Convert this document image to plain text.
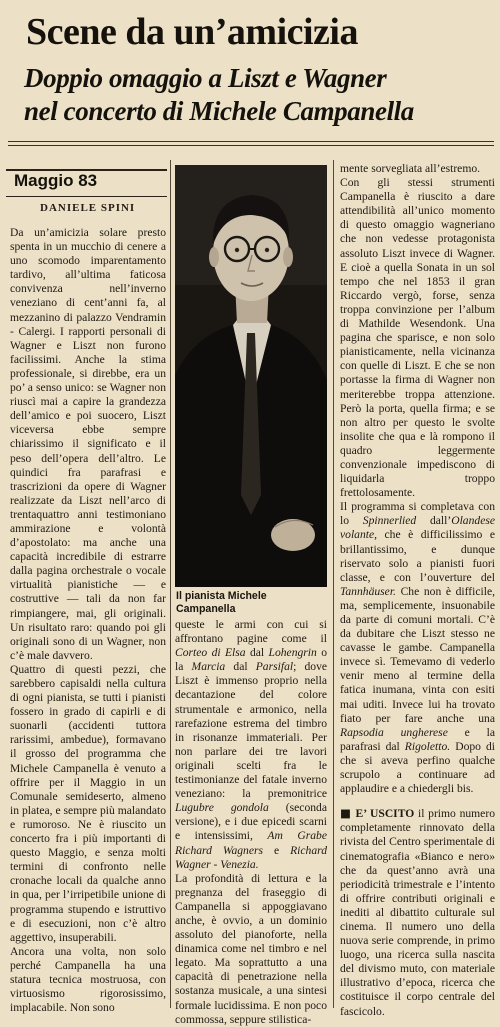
Scene da un’amicizia
Doppio omaggio a Liszt e Wagner
nel concerto di Michele Campanella
Maggio 83
DANIELE SPINI

Da un’amicizia solare presto spenta in un mucchio di cenere a uno scomodo imparentamento tardivo, all’ultima faticosa convivenza nell’inverno veneziano di cent’anni fa, al mezzanino di palazzo Vendramin - Calergi. I rapporti personali di Wagner e Liszt non furono facilissimi. Anche la stima professionale, si direbbe, era un po’ a senso unico: se Wagner non riuscì mai a capire la grandezza dell’amico e poi suocero, Liszt viceversa ebbe sempre chiarissimo il significato e il peso dell’opera dell’altro. Le quindici fra parafrasi e trascrizioni da opere di Wagner realizzate da Liszt nell’arco di trentaquattro anni testimoniano ammirazione e volontà d’apostolato: ma anche una capacità incredibile di estrarre dalla pagina orchestrale o vocale virtualità pianistiche — e costruttive — tali da non far rimpiangere, mai, gli originali. Un risultato raro: quando poi gli originali sono di un Wagner, non c’è male davvero.

Quattro di questi pezzi, che sarebbero capisaldi nella cultura di ogni pianista, se tutti i pianisti fossero in grado di capirli e di suonarli (accidenti tuttora rarissimi, ambedue), formavano il grosso del programma che Michele Campanella è venuto a offrire per il Maggio in un Comunale semideserto, almeno in platea, e sempre più malandato e rumoroso. Ne è riuscito un concerto fra i più importanti di questo Maggio, e senza molti termini di confronto nelle cronache locali da qualche anno in qua, per l’irripetibile unione di programma stupendo e istruttivo e di esecuzioni, non c’è altro aggettivo, insuperabili.

Ancora una volta, non solo perché Campanella ha una statura tecnica mostruosa, con virtuosismo rigorosissimo, implacabile. Non sono

Il pianista Michele Campanella

queste le armi con cui si affrontano pagine come il Corteo di Elsa dal Lohengrin o la Marcia dal Parsifal; dove Liszt è immenso proprio nella decantazione del colore strumentale e armonico, nella rarefazione estrema del timbro in risonanze immateriali. Per non parlare dei tre lavori originali scelti fra le testimonianze del fatale inverno veneziano: la premonitrice Lugubre gondola (seconda versione), e i due epicedi scarni e intensissimi, Am Grabe Richard Wagners e Richard Wagner - Venezia.

La profondità di lettura e la pregnanza del fraseggio di Campanella si appoggiavano anche, è ovvio, a un dominio assoluto del pianoforte, nella dinamica come nel timbro e nel legato. Ma soprattutto a una capacità di penetrazione nella sostanza musicale, a una sintesi formale lucidissima. E non poco commossa, seppure stilistica-

mente sorvegliata all’estremo.

Con gli stessi strumenti Campanella è riuscito a dare attendibilità all’unico momento di questo omaggio wagneriano che non vedesse protagonista assoluto Liszt invece di Wagner. E cioè a quella Sonata in un sol tempo che nel 1853 il gran Riccardo vergò, forse, senza troppa convinzione per l’album di Mathilde Wesendonk. Una pagina che sparisce, e non solo pianisticamente, nella vicinanza con quelle di Liszt. E che se non portasse la firma di Wagner non meriterebbe troppa attenzione. Però la porta, quella firma; e se non altro per questo le svolte insolite che qua e là rompono il quadro leggermente convenzionale impediscono di liquidarla troppo frettolosamente.

Il programma si completava con lo Spinnerlied dall’Olandese volante, che è difficilissimo e brillantissimo, e dunque riservato solo a pianisti fuori classe, e con l’ouverture del Tannhäuser. Che non è difficile, ma, semplicemente, insuonabile da parte di comuni mortali. C’è da dubitare che Liszt stesso ne cavasse le gambe. Campanella invece sì. Temevamo di vederlo venir meno al termine della fatica inumana, vinta con esiti mai uditi. Invece lui ha trovato fiato per fare anche una Rapsodia ungherese e la parafrasi dal Rigoletto. Dopo di che si aveva perfino qualche scrupolo a continuare ad applaudire e a chiedergli bis.

■ E’ USCITO il primo numero completamente rinnovato della rivista del Centro sperimentale di cinematografia «Bianco e nero» che da quest’anno avrà una periodicità trimestrale e l’intento di offrire contributi originali e inediti al dibattito culturale sul cinema. Il numero uno della nuova serie comprende, in primo luogo, una ricerca sulla nascita del divismo muto, con materiale illustrativo d’epoca, ricerca che costituisce il corpo centrale del fascicolo.
